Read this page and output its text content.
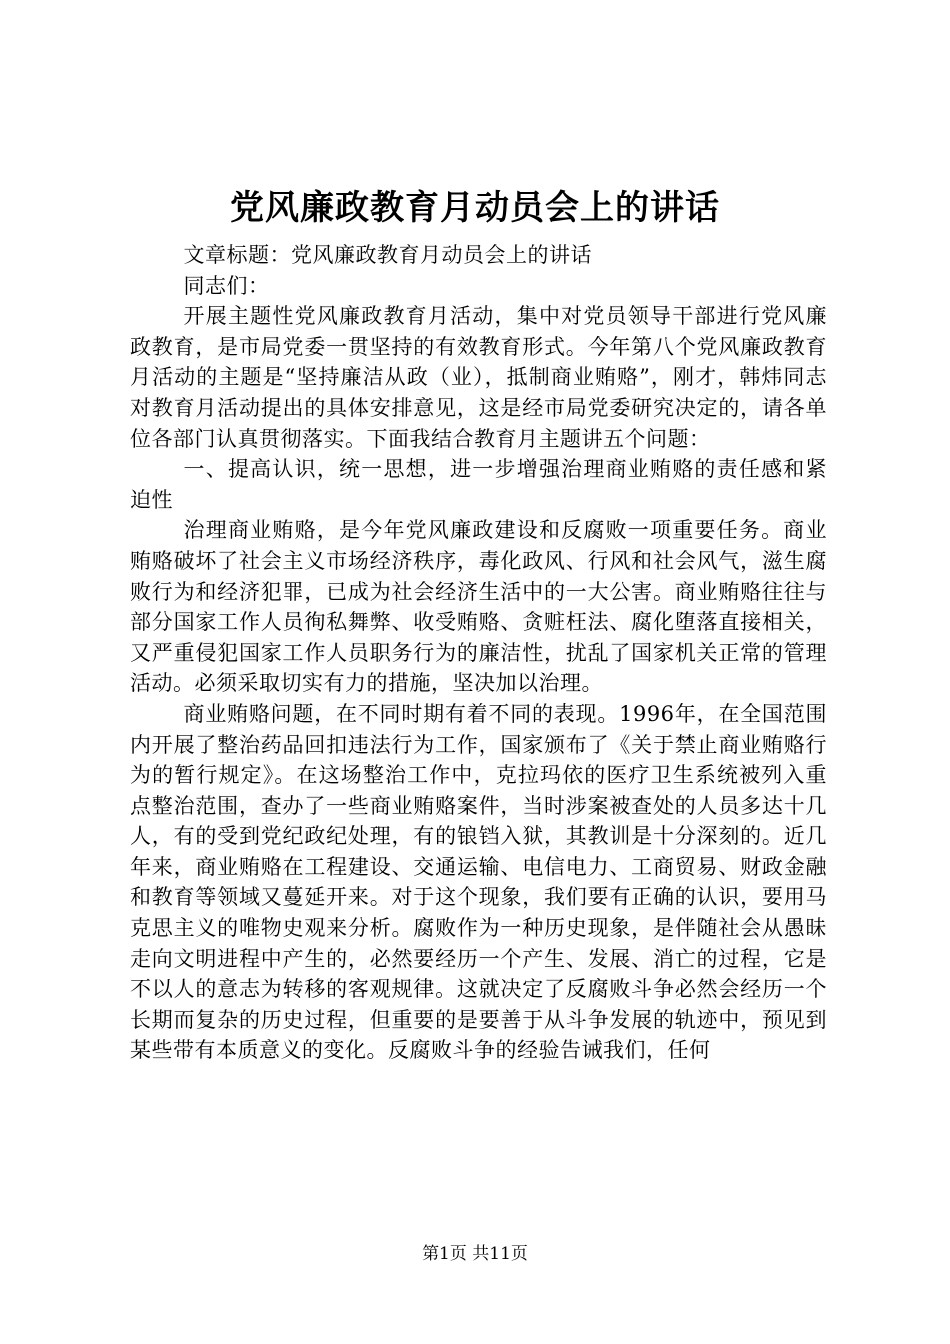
党风廉政教育月动员会上的讲话

文章标题：党风廉政教育月动员会上的讲话

同志们：

开展主题性党风廉政教育月活动，集中对党员领导干部进行党风廉政教育，是市局党委一贯坚持的有效教育形式。今年第八个党风廉政教育月活动的主题是“坚持廉洁从政（业），抵制商业贿赂”，刚才，韩炜同志对教育月活动提出的具体安排意见，这是经市局党委研究决定的，请各单位各部门认真贯彻落实。下面我结合教育月主题讲五个问题：

一、提高认识，统一思想，进一步增强治理商业贿赂的责任感和紧迫性

治理商业贿赂，是今年党风廉政建设和反腐败一项重要任务。商业贿赂破坏了社会主义市场经济秩序，毒化政风、行风和社会风气，滋生腐败行为和经济犯罪，已成为社会经济生活中的一大公害。商业贿赂往往与部分国家工作人员徇私舞弊、收受贿赂、贪赃枉法、腐化堕落直接相关，又严重侵犯国家工作人员职务行为的廉洁性，扰乱了国家机关正常的管理活动。必须采取切实有力的措施，坚决加以治理。

商业贿赂问题，在不同时期有着不同的表现。1996年，在全国范围内开展了整治药品回扣违法行为工作，国家颁布了《关于禁止商业贿赂行为的暂行规定》。在这场整治工作中，克拉玛依的医疗卫生系统被列入重点整治范围，查办了一些商业贿赂案件，当时涉案被查处的人员多达十几人，有的受到党纪政纪处理，有的锒铛入狱，其教训是十分深刻的。近几年来，商业贿赂在工程建设、交通运输、电信电力、工商贸易、财政金融和教育等领域又蔓延开来。对于这个现象，我们要有正确的认识，要用马克思主义的唯物史观来分析。腐败作为一种历史现象，是伴随社会从愚昧走向文明进程中产生的，必然要经历一个产生、发展、消亡的过程，它是不以人的意志为转移的客观规律。这就决定了反腐败斗争必然会经历一个长期而复杂的历史过程，但重要的是要善于从斗争发展的轨迹中，预见到某些带有本质意义的变化。反腐败斗争的经验告诫我们，任何

第1页 共11页
